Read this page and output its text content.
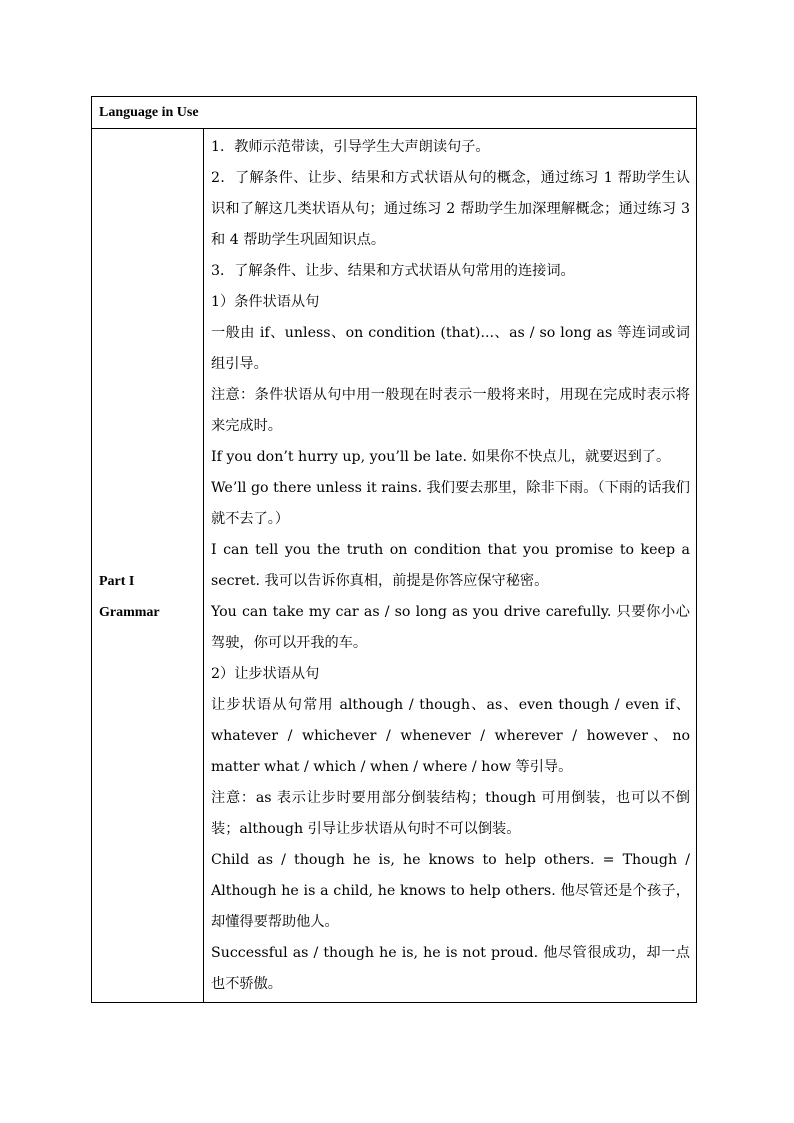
Language in Use
Part I
Grammar

1．教师示范带读，引导学生大声朗读句子。

2．了解条件、让步、结果和方式状语从句的概念，通过练习 1 帮助学生认识和了解这几类状语从句；通过练习 2 帮助学生加深理解概念；通过练习 3 和 4 帮助学生巩固知识点。

3．了解条件、让步、结果和方式状语从句常用的连接词。

1）条件状语从句

一般由 if、unless、on condition (that)...、as / so long as 等连词或词组引导。

注意：条件状语从句中用一般现在时表示一般将来时，用现在完成时表示将来完成时。

If you don’t hurry up, you’ll be late. 如果你不快点儿，就要迟到了。

We’ll go there unless it rains. 我们要去那里，除非下雨。（下雨的话我们就不去了。）

I can tell you the truth on condition that you promise to keep a secret. 我可以告诉你真相，前提是你答应保守秘密。

You can take my car as / so long as you drive carefully. 只要你小心驾驶，你可以开我的车。

2）让步状语从句

让步状语从句常用 although / though、as、even though / even if、whatever / whichever / whenever / wherever / however、no matter what / which / when / where / how 等引导。

注意：as 表示让步时要用部分倒装结构；though 可用倒装，也可以不倒装；although 引导让步状语从句时不可以倒装。

Child as / though he is, he knows to help others. = Though / Although he is a child, he knows to help others. 他尽管还是个孩子，却懂得要帮助他人。

Successful as / though he is, he is not proud. 他尽管很成功，却一点也不骄傲。
